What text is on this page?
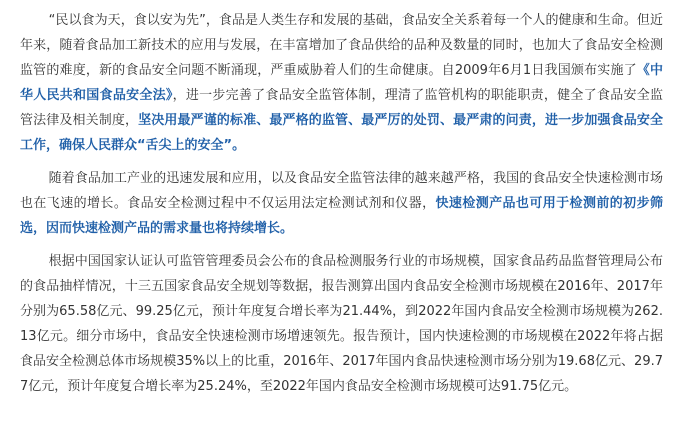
“民以食为天，食以安为先”，食品是人类生存和发展的基础，食品安全关系着每一个人的健康和生命。但近年来，随着食品加工新技术的应用与发展，在丰富增加了食品供给的品种及数量的同时，也加大了食品安全检测监管的难度，新的食品安全问题不断涌现，严重威胁着人们的生命健康。自2009年6月1日我国颁布实施了《中华人民共和国食品安全法》，进一步完善了食品安全监管体制，理清了监管机构的职能职责，健全了食品安全监管法律及相关制度，坚决用最严谨的标准、最严格的监管、最严厉的处罚、最严肃的问责，进一步加强食品安全工作，确保人民群众“舌尖上的安全”。

随着食品加工产业的迅速发展和应用，以及食品安全监管法律的越来越严格，我国的食品安全快速检测市场也在飞速的增长。食品安全检测过程中不仅运用法定检测试剂和仪器，快速检测产品也可用于检测前的初步筛选，因而快速检测产品的需求量也将持续增长。

根据中国国家认证认可监管管理委员会公布的食品检测服务行业的市场规模，国家食品药品监督管理局公布的食品抽样情况，十三五国家食品安全规划等数据，报告测算出国内食品安全检测市场规模在2016年、2017年分别为65.58亿元、99.25亿元，预计年度复合增长率为21.44%，到2022年国内食品安全检测市场规模为262.13亿元。细分市场中，食品安全快速检测市场增速领先。报告预计，国内快速检测的市场规模在2022年将占据食品安全检测总体市场规模35%以上的比重，2016年、2017年国内食品快速检测市场分别为19.68亿元、29.77亿元，预计年度复合增长率为25.24%，至2022年国内食品安全检测市场规模可达91.75亿元。
